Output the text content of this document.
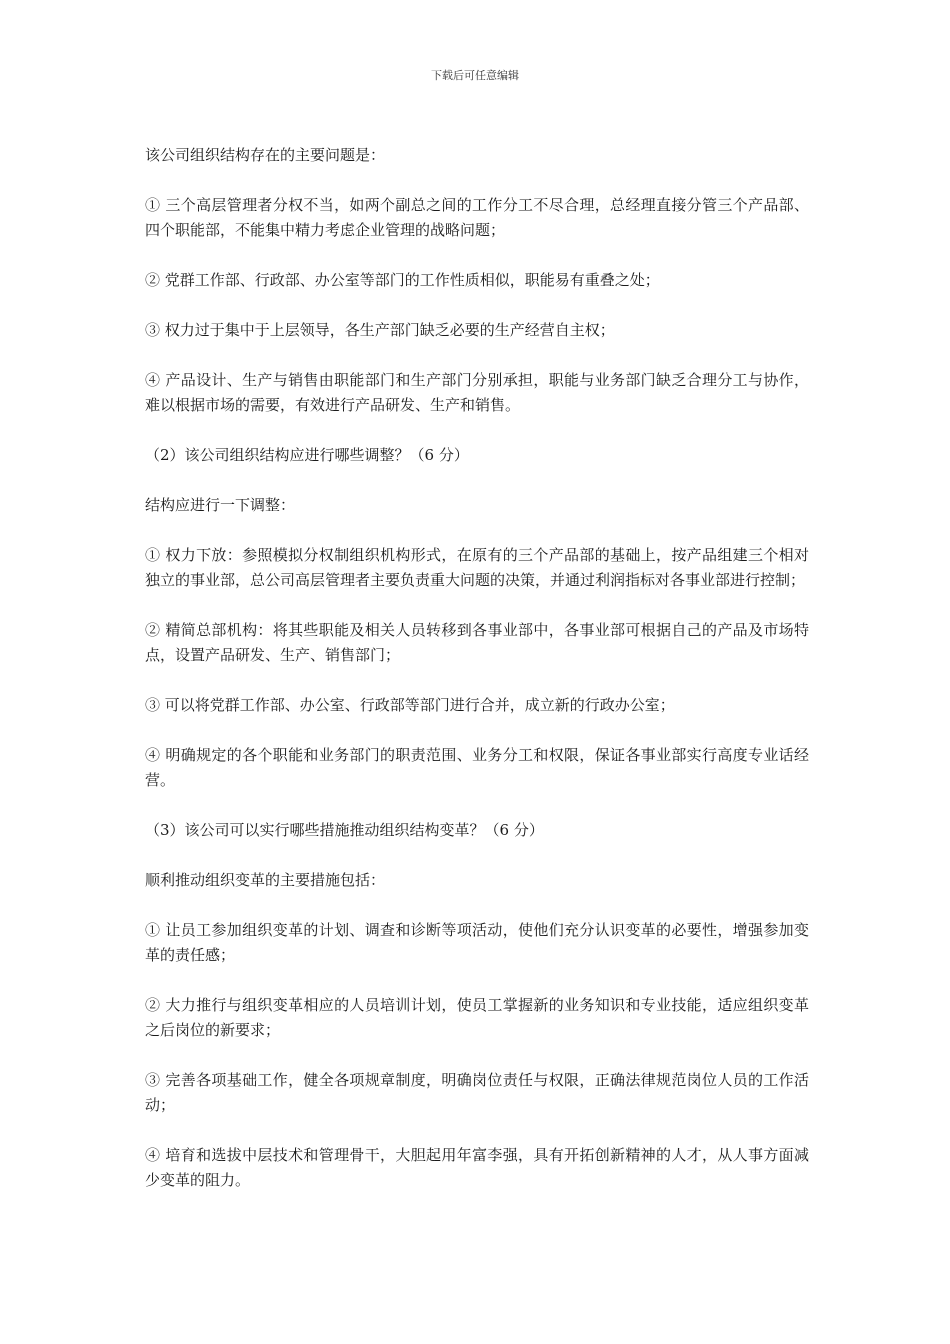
下载后可任意编辑

该公司组织结构存在的主要问题是：

① 三个高层管理者分权不当，如两个副总之间的工作分工不尽合理，总经理直接分管三个产品部、四个职能部，不能集中精力考虑企业管理的战略问题；

② 党群工作部、行政部、办公室等部门的工作性质相似，职能易有重叠之处；

③ 权力过于集中于上层领导，各生产部门缺乏必要的生产经营自主权；

④ 产品设计、生产与销售由职能部门和生产部门分别承担，职能与业务部门缺乏合理分工与协作，难以根据市场的需要，有效进行产品研发、生产和销售。

（2）该公司组织结构应进行哪些调整？（6 分）

结构应进行一下调整：

① 权力下放：参照模拟分权制组织机构形式，在原有的三个产品部的基础上，按产品组建三个相对独立的事业部，总公司高层管理者主要负责重大问题的决策，并通过利润指标对各事业部进行控制；

② 精简总部机构：将其些职能及相关人员转移到各事业部中，各事业部可根据自己的产品及市场特点，设置产品研发、生产、销售部门；

③ 可以将党群工作部、办公室、行政部等部门进行合并，成立新的行政办公室；

④ 明确规定的各个职能和业务部门的职责范围、业务分工和权限，保证各事业部实行高度专业话经营。

（3）该公司可以实行哪些措施推动组织结构变革？（6 分）

顺利推动组织变革的主要措施包括：

① 让员工参加组织变革的计划、调查和诊断等项活动，使他们充分认识变革的必要性，增强参加变革的责任感；

② 大力推行与组织变革相应的人员培训计划，使员工掌握新的业务知识和专业技能，适应组织变革之后岗位的新要求；

③ 完善各项基础工作，健全各项规章制度，明确岗位责任与权限，正确法律规范岗位人员的工作活动；

④ 培育和选拔中层技术和管理骨干，大胆起用年富李强，具有开拓创新精神的人才，从人事方面减少变革的阻力。
